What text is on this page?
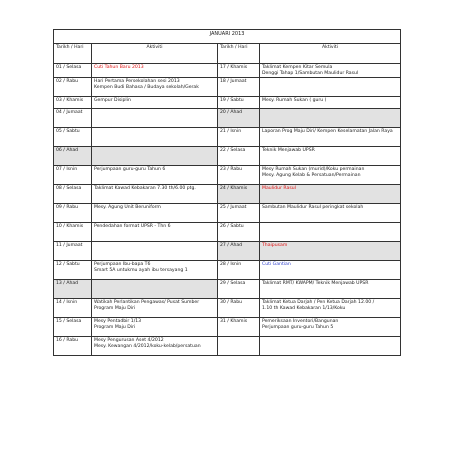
JANUARI 2013			
Tarikh / Hari	Aktiviti	Tarikh / Hari	Aktiviti
01 / Selasa	Cuti Tahun Baru 2013	17 / Khamis	Taklimat Kempen Kitar Semula
Denggi Tahap 1/Sambutan Maulidur Rasul

02 / Rabu	Hari Pertama Persekolahan sesi 2013
Kempen Budi Bahasa / Budaya sekolah/Gerak	18 / Jumaat	

03 / Khamis	Gempur Disiplin	19 / Sabtu	Mesy. Rumah Sukan ( guru )

04 / Jumaat		20 / Ahad	

05 / Sabtu		21 / Isnin	Laporan Prog Maju Diri/ Kempen Keselamatan Jalan Raya

06 / Ahad		22 / Selasa	Teknik Menjawab UPSR

07 / Isnin	Perjumpaan guru-guru Tahun 6	23 / Rabu	Mesy Rumah Sukan (murid)/Koku permainan
Mesy. Agung Kelab & Persatuan/Permainan

08 / Selasa	Taklimat Kawad Kebakaran 7.30 th/6.00 ptg.	24 / Khamis	Maulidur Rasul

09 / Rabu	Mesy. Agung Unit Beruniform	25 / Jumaat	Sambutan Maulidur Rasul peringkat sekolah

10 / Khamis	Pendedahan format UPSR - Thn 6	26 / Sabtu	

11 / Jumaat		27 / Ahad	Thaipusam

12 / Sabtu	Perjumpaan Ibu-bapa T6
Smart 5A untukmu ayah ibu tersayang 1	28 / Isnin	Cuti Gantian

13 / Ahad		29 / Selasa	Taklimat RMT/ KWAPM/ Teknik Menjawab UPSR

14 / Isnin	Watikah Perlantikan Pengawas/ Pusat Sumber
Program Maju Diri	30 / Rabu	Taklimat Ketua Darjah / Pen Ketua Darjah 12.00 /
1.10 th Kawad Kebakaran 1/13/Koku

15 / Selasa	Mesy Pentadbir 1/13
Program Maju Diri	31 / Khamis	Pemeriksaan Inventori/Bangunan
Perjumpaan guru-guru Tahun 5

16 / Rabu	Mesy Pengurusan Aset 4/2012
Mesy. Kewangan 4/2012/koku-kelab/persatuan		
